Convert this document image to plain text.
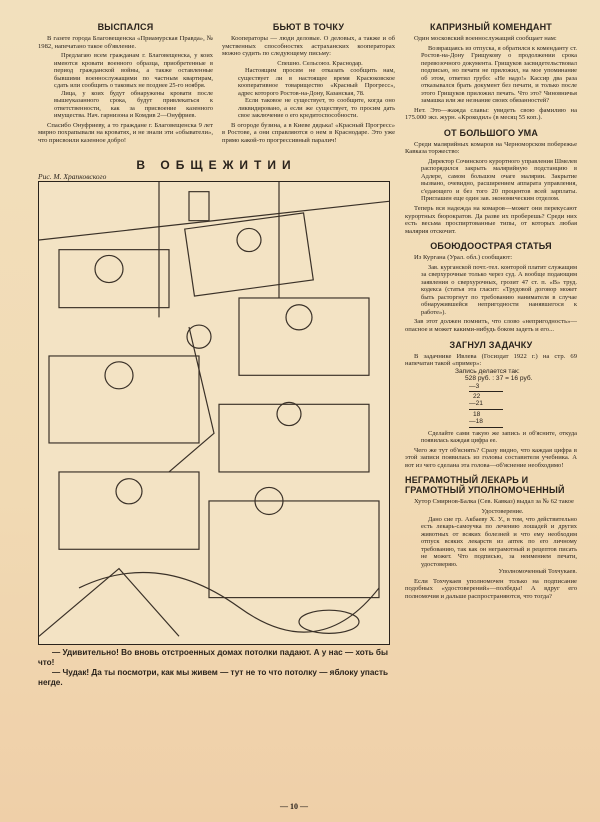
ВЫСПАЛСЯ

В газете города Благовещенска «Приамурская Правда», № 1982, напечатано такое об'явление.

Предлагаю всем гражданам г. Благовещенска, у коих имеются кровати военного образца, приобретенные в период гражданской войны, а также оставленные бывшими военнослужащими по частным квартирам, сдать или сообщить о таковых не позднее 25-го ноября.

Лица, у коих будут обнаружены кровати после вышеуказанного срока, будут привлекаться к ответственности, как за присвоение казенного имущества. Нач. гарнизона и Комдив 2—Онуфриев.

Спасибо Онуфриеву, а то граждане г. Благовещенска 9 лет мирно похрапывали на кроватях, и не знали эти «обыватели», что присвоили казенное добро!

БЬЮТ В ТОЧКУ

Кооператоры — люди деловые. О деловых, а также и об умственных способностях астраханских кооператорах можно судить по следующему письму:

Спешно. Сельсоюз. Краснодар.

Настоящим просим не отказать сообщить нам, существует ли в настоящее время Красюковское кооперативное товарищество «Красный Прогресс», адрес которого Ростов-на-Дону, Казанская, 78.

Если таковое не существует, то сообщите, когда оно ликвидировано, а если же существует, то просим дать свое заключение о его кредитоспособности.

В огороде бузина, а в Киеве дядька! «Красный Прогресс» в Ростове, а они справляются о нем в Краснодаре. Это уже прямо какой-то прогрессивный паралич!

В ОБЩЕЖИТИИ
Рис. М. Храпковского

— Удивительно! Во вновь отстроенных домах потолки падают. А у нас — хоть бы что!

— Чудак! Да ты посмотри, как мы живем — тут не то что потолку — яблоку упасть негде.

КАПРИЗНЫЙ КОМЕНДАНТ

Один московский военнослужащий сообщает нам:

Возвращаясь из отпуска, я обратился к коменданту ст. Ростов-на-Дону Грищукову о продолжении срока перевозочного документа. Грищуков засвидетельствовал подписью, но печати не приложил, на мое упоминание об этом, ответил грубо: «Не надо!» Кассир два раза отказывался брать документ без печати, и только после этого Грищуков приложил печать. Что это? Чиновничья замашка или же незнание своих обязанностей?

Нет. Это—жажда славы: увидеть свою фамилию на 175.000 экз. журн. «Крокодил» (в месяц 55 коп.).

ОТ БОЛЬШОГО УМА

Среди малярийных комаров на Черноморском побережье Кавказа торжество:

Директор Сочинского курортного управления Шмелев распорядился закрыть малярийную подстанцию в Адлере, самом большом очаге малярии. Закрытие вызвано, очевидно, расширением аппарата управления, с'едающего и без того 20 процентов всей зарплаты. Приглашен еще один зав. экономическим отделом.

Теперь вся надежда на комаров—может они перекусают курортных бюрократов. Да разве их проберешь? Среди них есть весьма проспиртованные типы, от которых любая малярия отскочит.

ОБОЮДООСТРАЯ СТАТЬЯ

Из Кургана (Урал. обл.) сообщают:

Зав. курганской почт.-тел. конторой платит служащим за сверхурочные только через суд. А вообще подающим заявления о сверхурочных, грозит 47 ст. п. «В» труд. кодекса (статья эта гласит: «Трудовой договор может быть расторгнут по требованию нанимателя в случае обнаружившейся непригодности нанявшегося к работе»).

Зав этот должен помнить, что слово «непригодность»—опасное и может какими-нибудь боком задеть и его...

ЗАГНУЛ ЗАДАЧКУ

В задачнике Ивлева (Госиздат 1922 г.) на стр. 69 напечатан такой «пример»:

Запись делается так:
528 руб. : 37 = 16 руб.
—3
22
—21
18
—18

Сделайте сами такую же запись и об'ясните, откуда появилась каждая цифра ее.

Чего же тут об'яснять? Сразу видно, что каждая цифра в этой записи появилась из головы составителя учебника. А вот из чего сделана эта голова—об'яснение необходимо!

НЕГРАМОТНЫЙ ЛЕКАРЬ И ГРАМОТНЫЙ УПОЛНОМОЧЕННЫЙ

Хутор Смирнов-Балка (Сев. Кавказ) выдал за № 62 такое

Удостоверение.

Дано сие гр. Акбаеву Х. У., в том, что действительно есть лекарь-самоучка по лечению лошадей и других животных от всяких болезней и что ему необходим отпуск всяких лекарств из аптек по его личному требованию, так как он неграмотный и рецептов писать не может. Что подписью, за неимением печати, удостоверяю.

Уполномоченный Тохчукаев.

Если Тохчукаев уполномочен только на подписание подобных «удостоверений»—полбеды! А вдруг его полномочия и дальше распространяются, что тогда?

— 10 —
